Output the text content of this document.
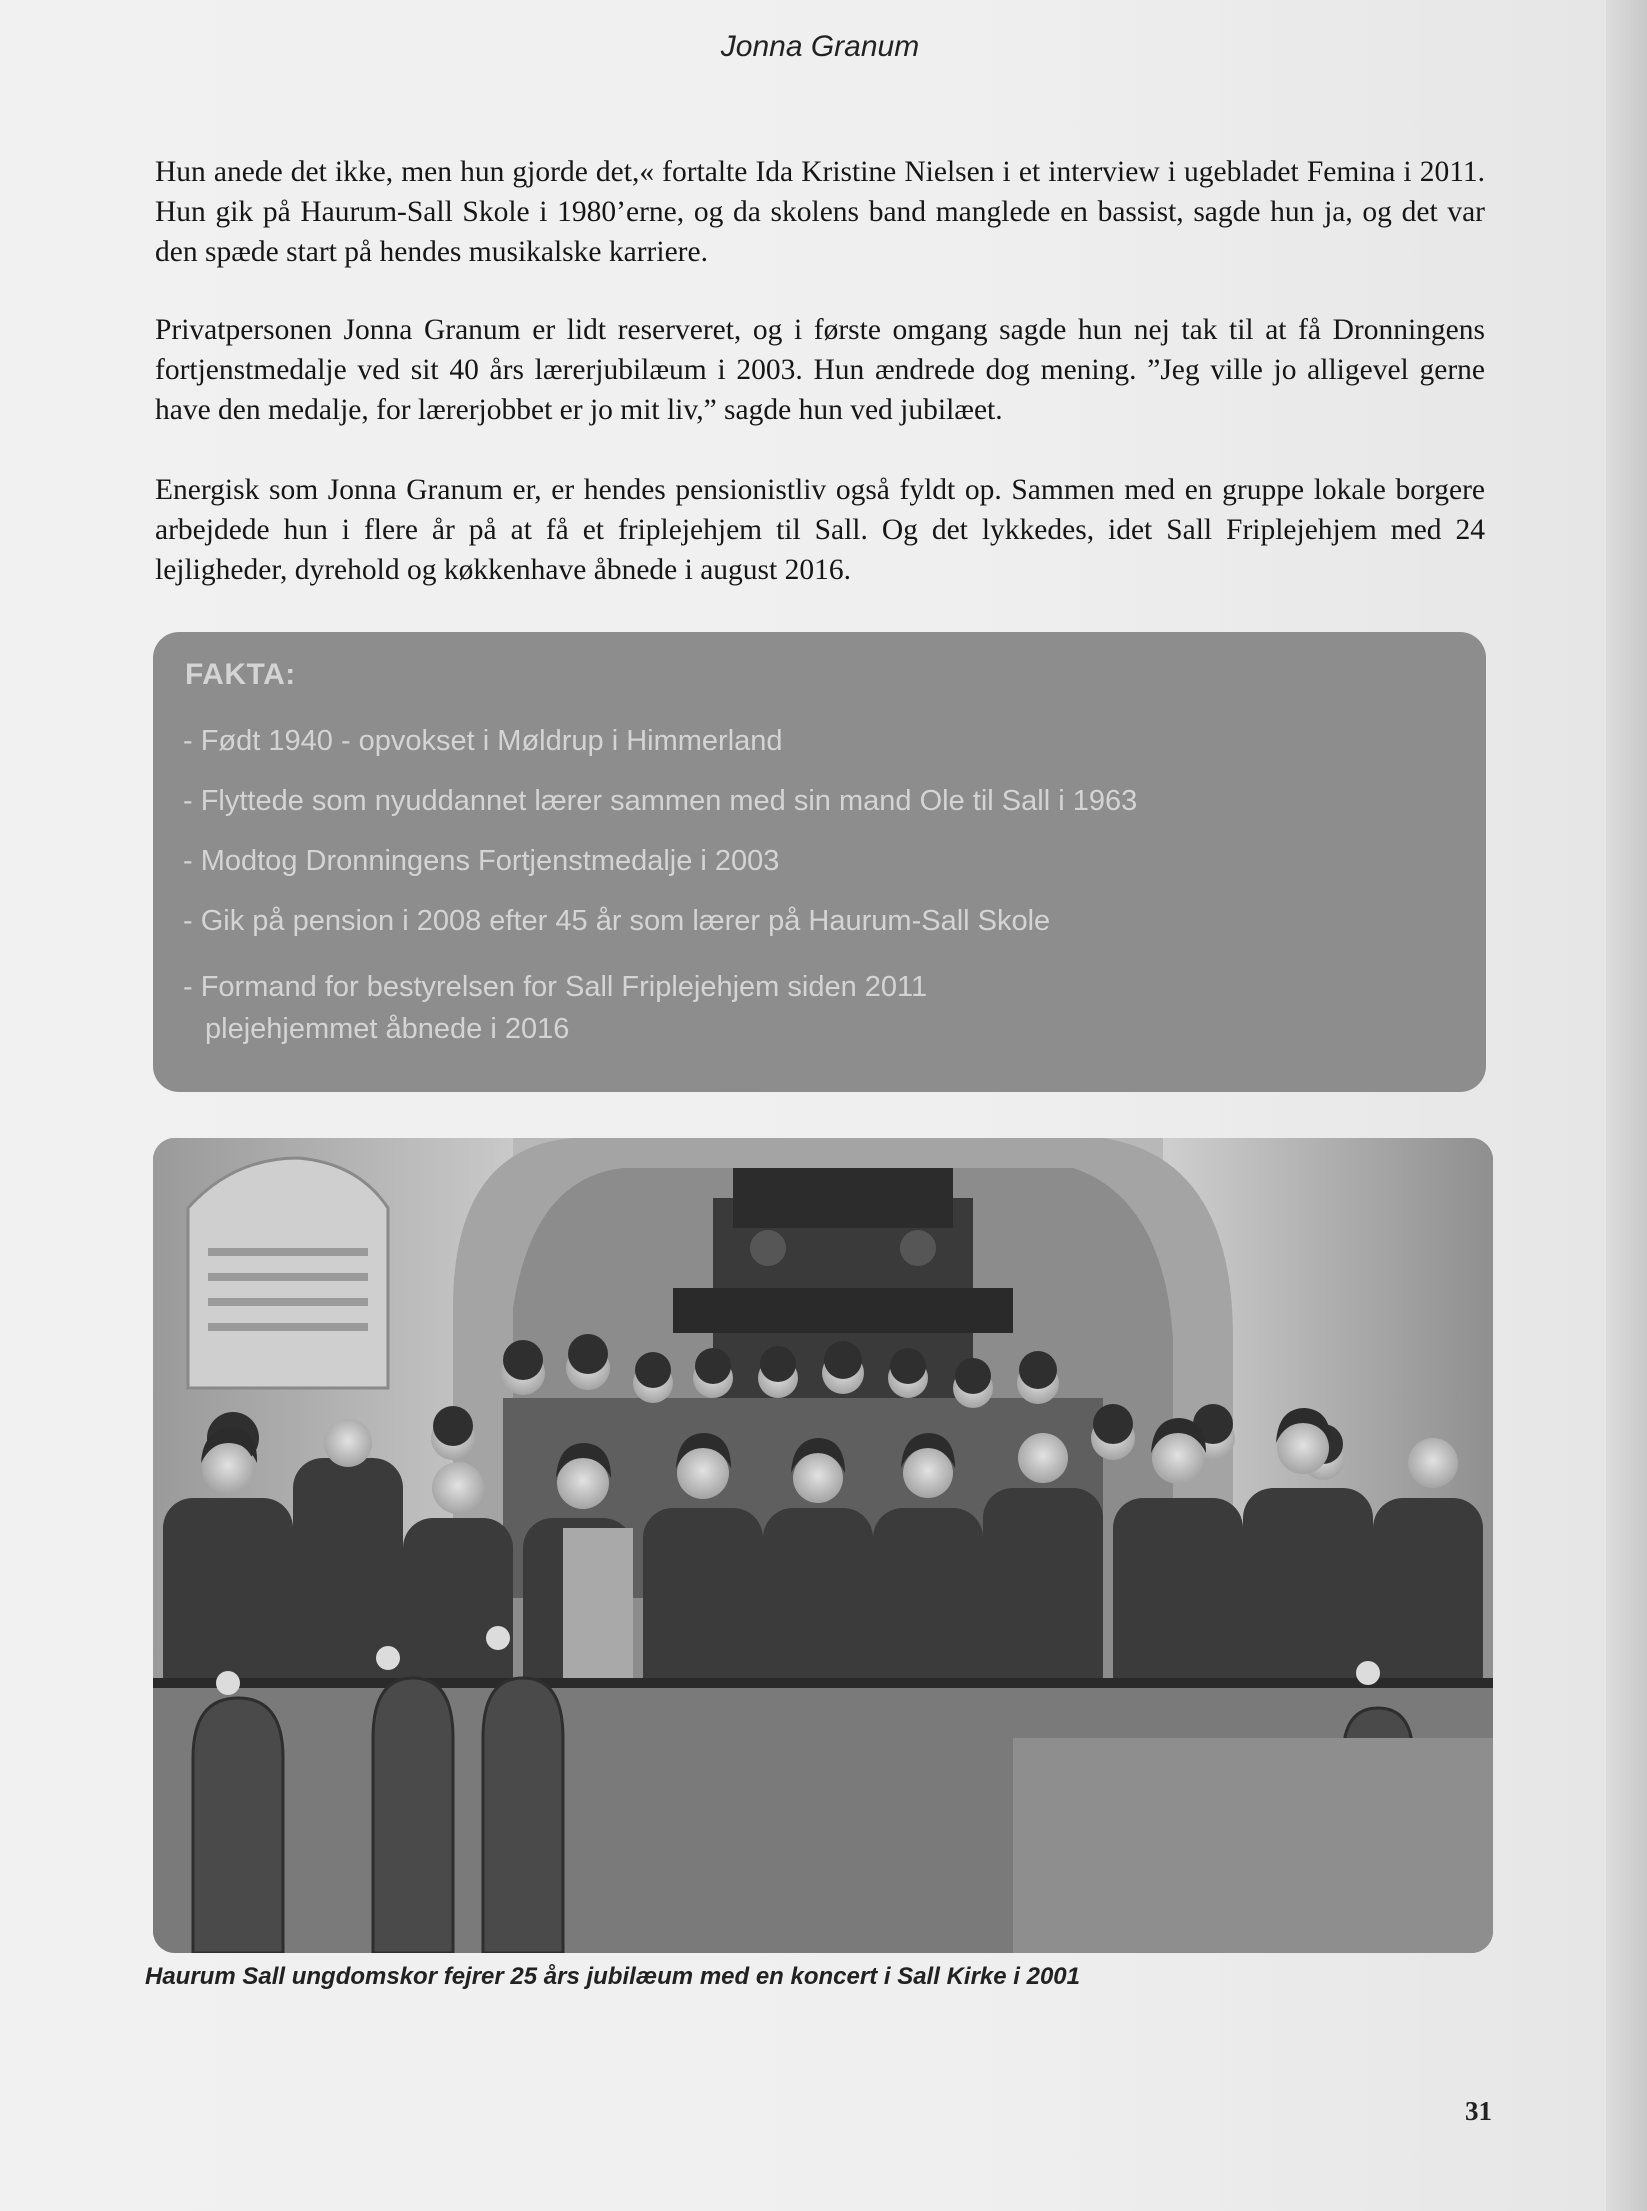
Jonna Granum

Hun anede det ikke, men hun gjorde det,« fortalte Ida Kristine Nielsen i et interview i ugebladet Femina i 2011. Hun gik på Haurum-Sall Skole i 1980’erne, og da skolens band manglede en bassist, sagde hun ja, og det var den spæde start på hendes musikalske karriere.

Privatpersonen Jonna Granum er lidt reserveret, og i første omgang sagde hun nej tak til at få Dronningens fortjenstmedalje ved sit 40 års lærerjubilæum i 2003. Hun ændrede dog mening. ”Jeg ville jo alligevel gerne have den medalje, for lærerjobbet er jo mit liv,” sagde hun ved jubilæet.

Energisk som Jonna Granum er, er hendes pensionistliv også fyldt op. Sammen med en gruppe lokale borgere arbejdede hun i flere år på at få et friplejehjem til Sall. Og det lykkedes, idet Sall Friplejehjem med 24 lejligheder, dyrehold og køkkenhave åbnede i august 2016.

FAKTA:
- Født 1940 - opvokset i Møldrup i Himmerland
- Flyttede som nyuddannet lærer sammen med sin mand Ole til Sall i 1963
- Modtog Dronningens Fortjenstmedalje i 2003
- Gik på pension i 2008 efter 45 år som lærer på Haurum-Sall Skole
- Formand for bestyrelsen for Sall Friplejehjem siden 2011
plejehjemmet åbnede i 2016
Haurum Sall ungdomskor fejrer 25 års jubilæum med en koncert i Sall Kirke i 2001
31
